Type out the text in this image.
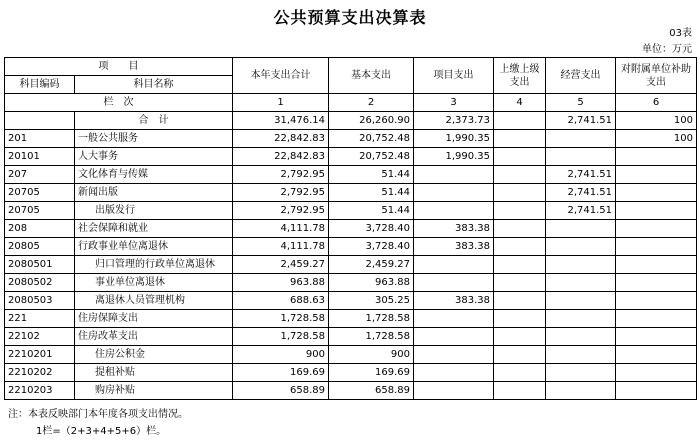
公共预算支出决算表
03表
单位：万元
项　　目		本年支出合计	基本支出	项目支出	上缴上级支出	经营支出	对附属单位补助支出
科目编码	科目名称						
栏　次		1	2	3	4	5	6
	合　计	31,476.14	26,260.90	2,373.73		2,741.51	100
201	一般公共服务	22,842.83	20,752.48	1,990.35			100
20101	人大事务	22,842.83	20,752.48	1,990.35			
207	文化体育与传媒	2,792.95	51.44			2,741.51	
20705	新闻出版	2,792.95	51.44			2,741.51	
20705	出版发行	2,792.95	51.44			2,741.51	
208	社会保障和就业	4,111.78	3,728.40	383.38			
20805	行政事业单位离退休	4,111.78	3,728.40	383.38			
2080501	归口管理的行政单位离退休	2,459.27	2,459.27				
2080502	事业单位离退休	963.88	963.88				
2080503	离退休人员管理机构	688.63	305.25	383.38			
221	住房保障支出	1,728.58	1,728.58				
22102	住房改革支出	1,728.58	1,728.58				
2210201	住房公积金	900	900				
2210202	提租补贴	169.69	169.69				
2210203	购房补贴	658.89	658.89				
注：本表反映部门本年度各项支出情况。
1栏=（2+3+4+5+6）栏。
